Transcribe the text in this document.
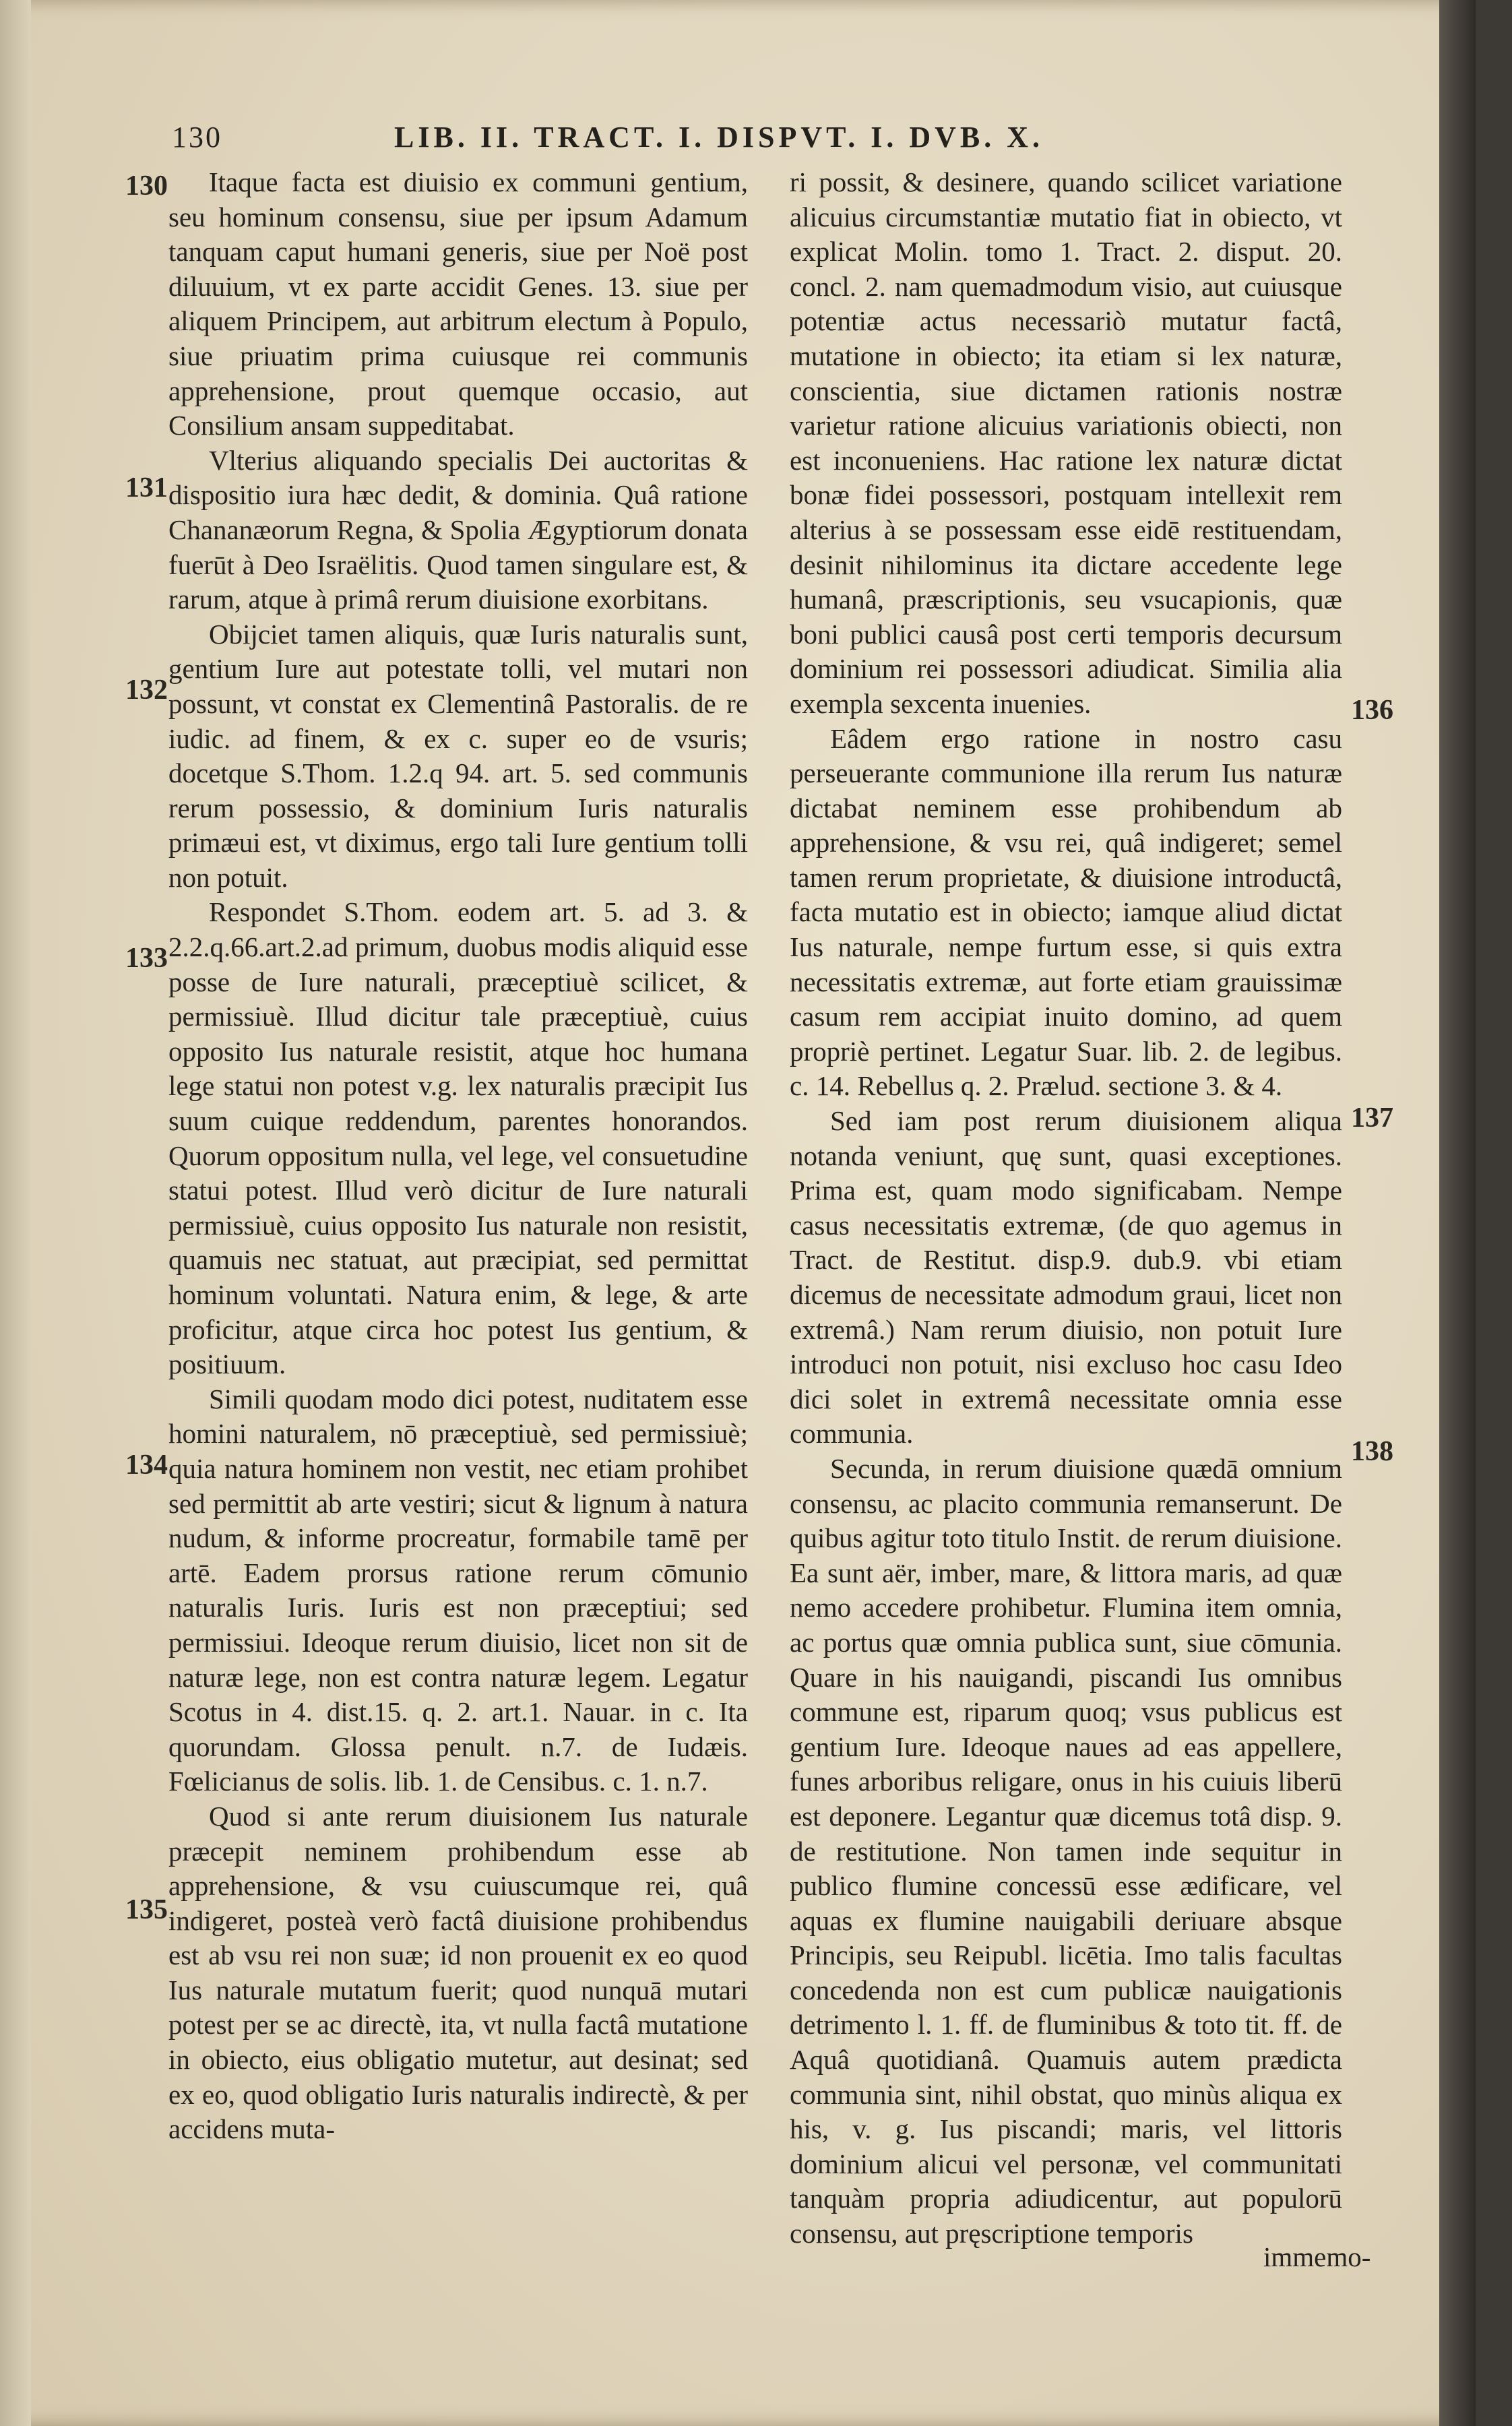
130	LIB. II. TRACT. I. DISPVT. I. DVB. X.
130
131
132
133
134
135
136
137
138

Itaque facta est diuisio ex communi gentium, seu hominum consensu, siue per ipsum Adamum tanquam caput humani generis, siue per Noë post diluuium, vt ex parte accidit Genes. 13. siue per aliquem Principem, aut arbitrum electum à Populo, siue priuatim prima cuiusque rei communis apprehensione, prout quemque occasio, aut Consilium ansam suppeditabat.

Vlterius aliquando specialis Dei auctoritas & dispositio iura hæc dedit, & dominia. Quâ ratione Chananæorum Regna, & Spolia Ægyptiorum donata fuerūt à Deo Israëlitis. Quod tamen singulare est, & rarum, atque à primâ rerum diuisione exorbitans.

Obijciet tamen aliquis, quæ Iuris naturalis sunt, gentium Iure aut potestate tolli, vel mutari non possunt, vt constat ex Clementinâ Pastoralis. de re iudic. ad finem, & ex c. super eo de vsuris; docetque S.Thom. 1.2.q 94. art. 5. sed communis rerum possessio, & dominium Iuris naturalis primæui est, vt diximus, ergo tali Iure gentium tolli non potuit.

Respondet S.Thom. eodem art. 5. ad 3. & 2.2.q.66.art.2.ad primum, duobus modis aliquid esse posse de Iure naturali, præceptiuè scilicet, & permissiuè. Illud dicitur tale præceptiuè, cuius opposito Ius naturale resistit, atque hoc humana lege statui non potest v.g. lex naturalis præcipit Ius suum cuique reddendum, parentes honorandos. Quorum oppositum nulla, vel lege, vel consuetudine statui potest. Illud verò dicitur de Iure naturali permissiuè, cuius opposito Ius naturale non resistit, quamuis nec statuat, aut præcipiat, sed permittat hominum voluntati. Natura enim, & lege, & arte proficitur, atque circa hoc potest Ius gentium, & positiuum.

Simili quodam modo dici potest, nuditatem esse homini naturalem, nō præceptiuè, sed permissiuè; quia natura hominem non vestit, nec etiam prohibet sed permittit ab arte vestiri; sicut & lignum à natura nudum, & informe procreatur, formabile tamē per artē. Eadem prorsus ratione rerum cōmunio naturalis Iuris. Iuris est non præceptiui; sed permissiui. Ideoque rerum diuisio, licet non sit de naturæ lege, non est contra naturæ legem. Legatur Scotus in 4. dist.15. q. 2. art.1. Nauar. in c. Ita quorundam. Glossa penult. n.7. de Iudæis. Fœlicianus de solis. lib. 1. de Censibus. c. 1. n.7.

Quod si ante rerum diuisionem Ius naturale præcepit neminem prohibendum esse ab apprehensione, & vsu cuiuscumque rei, quâ indigeret, posteà verò factâ diuisione prohibendus est ab vsu rei non suæ; id non prouenit ex eo quod Ius naturale mutatum fuerit; quod nunquā mutari potest per se ac directè, ita, vt nulla factâ mutatione in obiecto, eius obligatio mutetur, aut desinat; sed ex eo, quod obligatio Iuris naturalis indirectè, & per accidens muta-

ri possit, & desinere, quando scilicet variatione alicuius circumstantiæ mutatio fiat in obiecto, vt explicat Molin. tomo 1. Tract. 2. disput. 20. concl. 2. nam quemadmodum visio, aut cuiusque potentiæ actus necessariò mutatur factâ, mutatione in obiecto; ita etiam si lex naturæ, conscientia, siue dictamen rationis nostræ varietur ratione alicuius variationis obiecti, non est inconueniens. Hac ratione lex naturæ dictat bonæ fidei possessori, postquam intellexit rem alterius à se possessam esse eidē restituendam, desinit nihilominus ita dictare accedente lege humanâ, præscriptionis, seu vsucapionis, quæ boni publici causâ post certi temporis decursum dominium rei possessori adiudicat. Similia alia exempla sexcenta inuenies.

Eâdem ergo ratione in nostro casu perseuerante communione illa rerum Ius naturæ dictabat neminem esse prohibendum ab apprehensione, & vsu rei, quâ indigeret; semel tamen rerum proprietate, & diuisione introductâ, facta mutatio est in obiecto; iamque aliud dictat Ius naturale, nempe furtum esse, si quis extra necessitatis extremæ, aut forte etiam grauissimæ casum rem accipiat inuito domino, ad quem propriè pertinet. Legatur Suar. lib. 2. de legibus. c. 14. Rebellus q. 2. Prælud. sectione 3. & 4.

Sed iam post rerum diuisionem aliqua notanda veniunt, quę sunt, quasi exceptiones. Prima est, quam modo significabam. Nempe casus necessitatis extremæ, (de quo agemus in Tract. de Restitut. disp.9. dub.9. vbi etiam dicemus de necessitate admodum graui, licet non extremâ.) Nam rerum diuisio, non potuit Iure introduci non potuit, nisi excluso hoc casu Ideo dici solet in extremâ necessitate omnia esse communia.

Secunda, in rerum diuisione quædā omnium consensu, ac placito communia remanserunt. De quibus agitur toto titulo Instit. de rerum diuisione. Ea sunt aër, imber, mare, & littora maris, ad quæ nemo accedere prohibetur. Flumina item omnia, ac portus quæ omnia publica sunt, siue cōmunia. Quare in his nauigandi, piscandi Ius omnibus commune est, riparum quoq; vsus publicus est gentium Iure. Ideoque naues ad eas appellere, funes arboribus religare, onus in his cuiuis liberū est deponere. Legantur quæ dicemus totâ disp. 9. de restitutione. Non tamen inde sequitur in publico flumine concessū esse ædificare, vel aquas ex flumine nauigabili deriuare absque Principis, seu Reipubl. licētia. Imo talis facultas concedenda non est cum publicæ nauigationis detrimento l. 1. ff. de fluminibus & toto tit. ff. de Aquâ quotidianâ. Quamuis autem prædicta communia sint, nihil obstat, quo minùs aliqua ex his, v. g. Ius piscandi; maris, vel littoris dominium alicui vel personæ, vel communitati tanquàm propria adiudicentur, aut populorū consensu, aut pręscriptione temporis

immemo-
